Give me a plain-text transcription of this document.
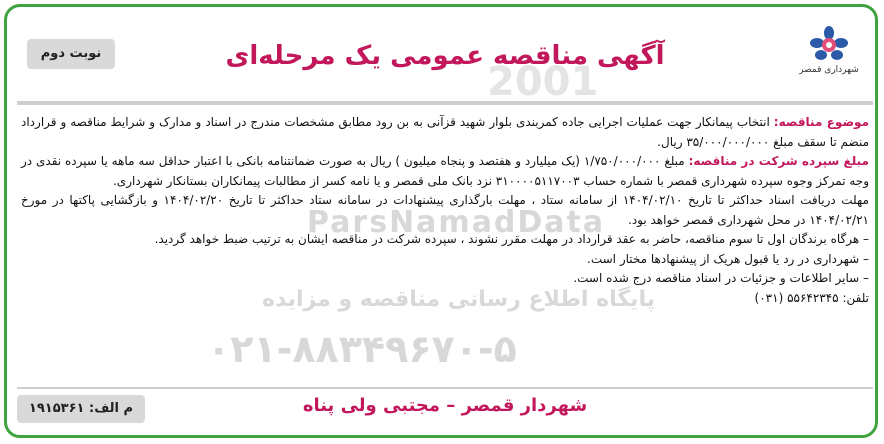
شهرداری قمصر
2001
آگهی مناقصه عمومی یک مرحله‌ای
نوبت دوم
ParsNamadData
پایگاه اطلاع رسانی مناقصه و مزایده
۰۲۱-۸۸۳۴۹۶۷۰-۵

موضوع مناقصه: انتخاب پیمانکار جهت عملیات اجرایی جاده کمربندی بلوار شهید قزآنی به بن رود مطابق مشخصات مندرج در اسناد و مدارک و شرایط مناقصه و قرارداد منضم تا سقف مبلغ ۳۵/۰۰۰/۰۰۰/۰۰۰ ریال.

مبلغ سپرده شرکت در مناقصه: مبلغ ۱/۷۵۰/۰۰۰/۰۰۰ (یک میلیارد و هفتصد و پنجاه میلیون ) ریال به صورت ضمانتنامه بانکی با اعتبار حداقل سه ماهه یا سپرده نقدی در وجه تمرکز وجوه سپرده شهرداری قمصر با شماره حساب ۳۱۰۰۰۰۵۱۱۷۰۰۳ نزد بانک ملی قمصر و یا نامه کسر از مطالبات پیمانکاران بستانکار شهرداری.

مهلت دریافت اسناد حداکثر تا تاریخ ۱۴۰۴/۰۲/۱۰ از سامانه ستاد ، مهلت بارگذاری پیشنهادات در سامانه ستاد حداکثر تا تاریخ ۱۴۰۴/۰۲/۲۰ و بازگشایی پاکتها در مورخ ۱۴۰۴/۰۲/۲۱ در محل شهرداری قمصر خواهد بود.

– هرگاه برندگان اول تا سوم مناقصه، حاضر به عقد قرارداد در مهلت مقرر نشوند ، سپرده شرکت در مناقصه ایشان به ترتیب ضبط خواهد گردید.

– شهرداری در رد یا قبول هریک از پیشنهادها مختار است.

– سایر اطلاعات و جزئیات در اسناد مناقصه درج شده است.

تلفن: ۵۵۶۴۲۳۴۵ (۰۳۱)

شهردار قمصر – مجتبی ولی پناه
م الف: ۱۹۱۵۳۶۱
